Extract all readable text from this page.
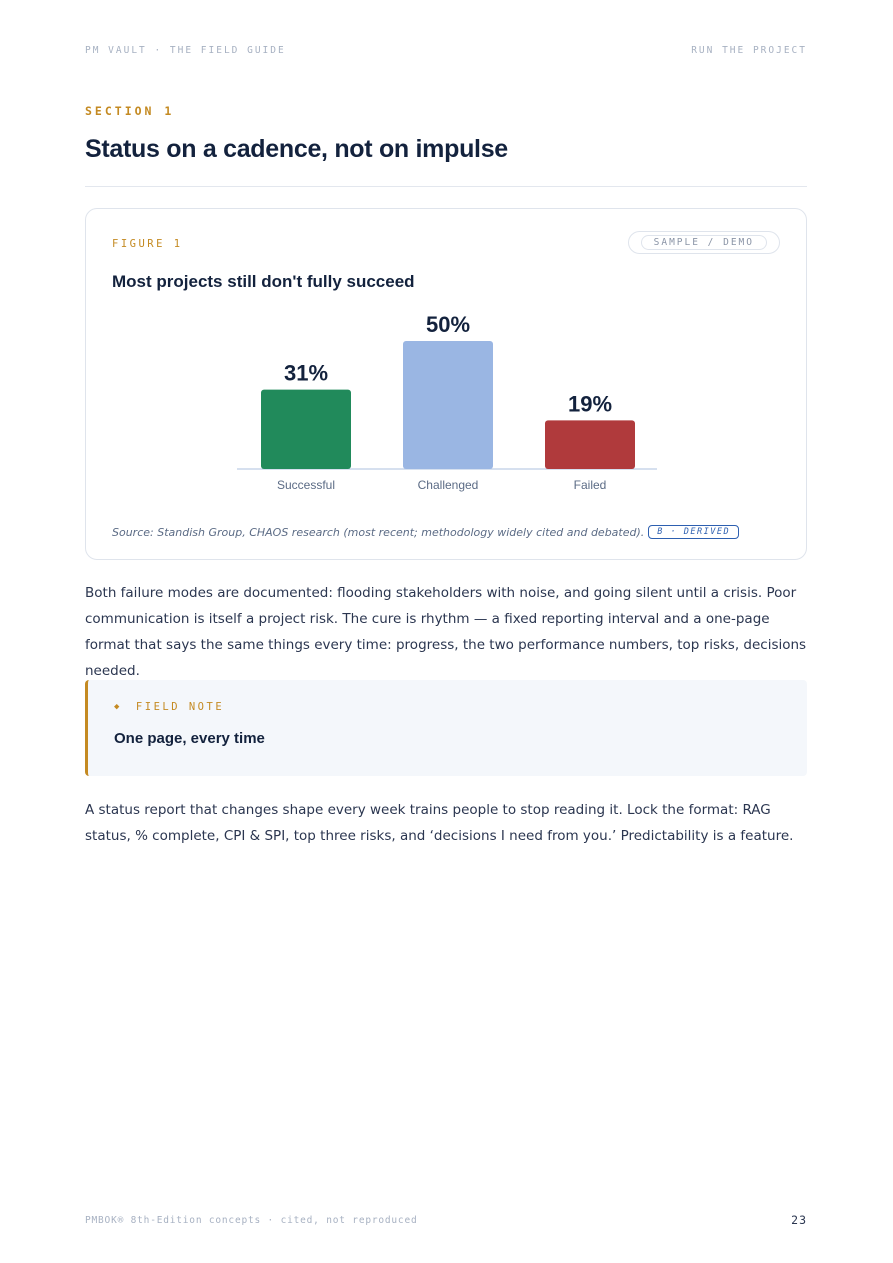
PM VAULT · THE FIELD GUIDE	RUN THE PROJECT
SECTION 1
Status on a cadence, not on impulse
FIGURE 1	SAMPLE / DEMO
Most projects still don't fully succeed
31%
Successful
50%
Challenged
19%
Failed
Source: Standish Group, CHAOS research (most recent; methodology widely cited and debated).	B · DERIVED

Both failure modes are documented: flooding stakeholders with noise, and going silent until a crisis. Poor communication is itself a project risk. The cure is rhythm — a fixed reporting interval and a one-page format that says the same things every time: progress, the two performance numbers, top risks, decisions needed.

◆ FIELD NOTE
One page, every time

A status report that changes shape every week trains people to stop reading it. Lock the format: RAG status, % complete, CPI & SPI, top three risks, and ‘decisions I need from you.’ Predictability is a feature.

PMBOK® 8th-Edition concepts · cited, not reproduced	23
